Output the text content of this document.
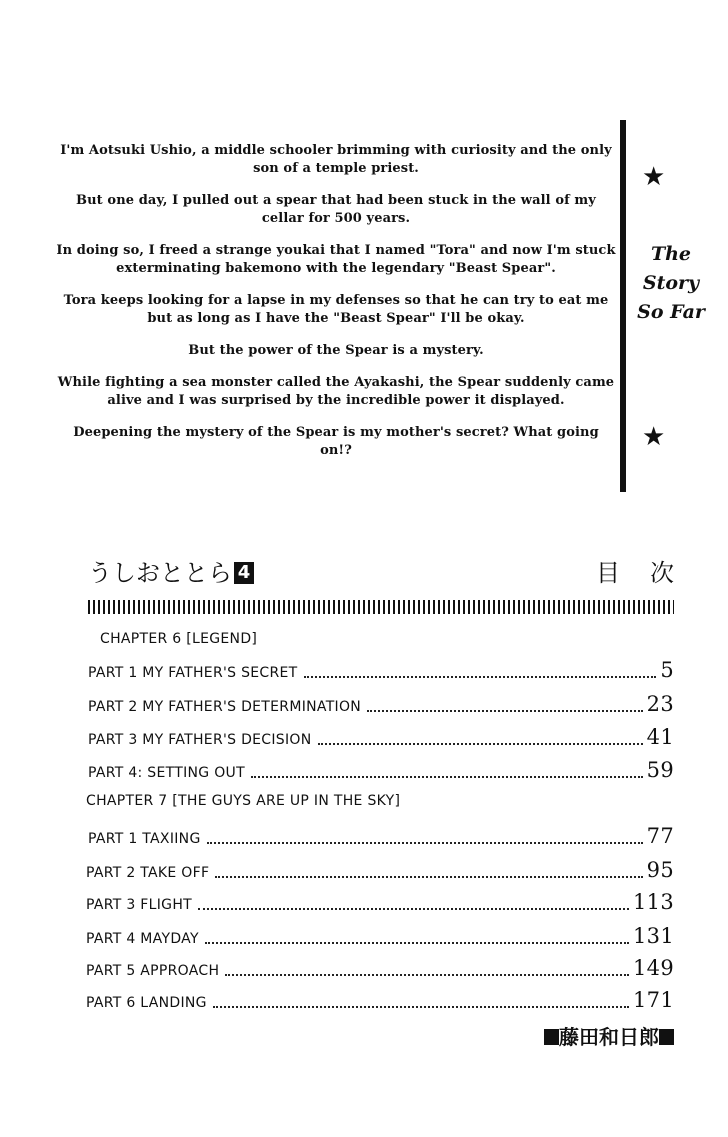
I'm Aotsuki Ushio, a middle schooler brimming with curiosity and the only son of a temple priest.

But one day, I pulled out a spear that had been stuck in the wall of my cellar for 500 years.

In doing so, I freed a strange youkai that I named "Tora" and now I'm stuck exterminating bakemono with the legendary "Beast Spear".

Tora keeps looking for a lapse in my defenses so that he can try to eat me but as long as I have the "Beast Spear" I'll be okay.

But the power of the Spear is a mystery.

While fighting a sea monster called the Ayakashi, the Spear suddenly came alive and I was surprised by the incredible power it displayed.

Deepening the mystery of the Spear is my mother's secret? What going on!?

★
The
Story
So Far
★
うしおととら 4	目次
CHAPTER 6 [LEGEND]
PART 1 MY FATHER'S SECRET	5
PART 2 MY FATHER'S DETERMINATION	23
PART 3 MY FATHER'S DECISION	41
PART 4: SETTING OUT	59
CHAPTER 7 [THE GUYS ARE UP IN THE SKY]
PART 1 TAXIING	77
PART 2 TAKE OFF	95
PART 3 FLIGHT	113
PART 4 MAYDAY	131
PART 5 APPROACH	149
PART 6 LANDING	171
藤田和日郎
